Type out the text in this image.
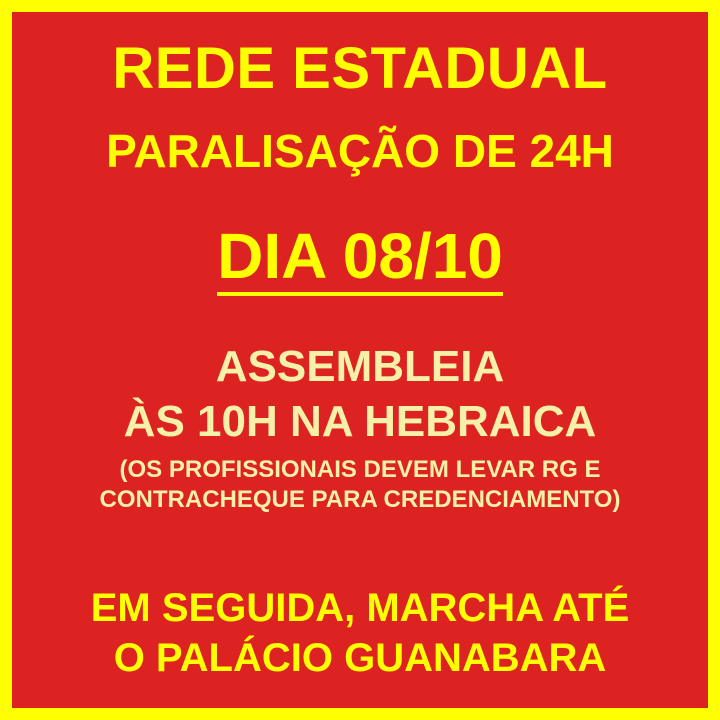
REDE ESTADUAL
PARALISAÇÃO DE 24H
DIA 08/10
ASSEMBLEIA
ÀS 10H NA HEBRAICA
(OS PROFISSIONAIS DEVEM LEVAR RG E
CONTRACHEQUE PARA CREDENCIAMENTO)
EM SEGUIDA, MARCHA ATÉ
O PALÁCIO GUANABARA
